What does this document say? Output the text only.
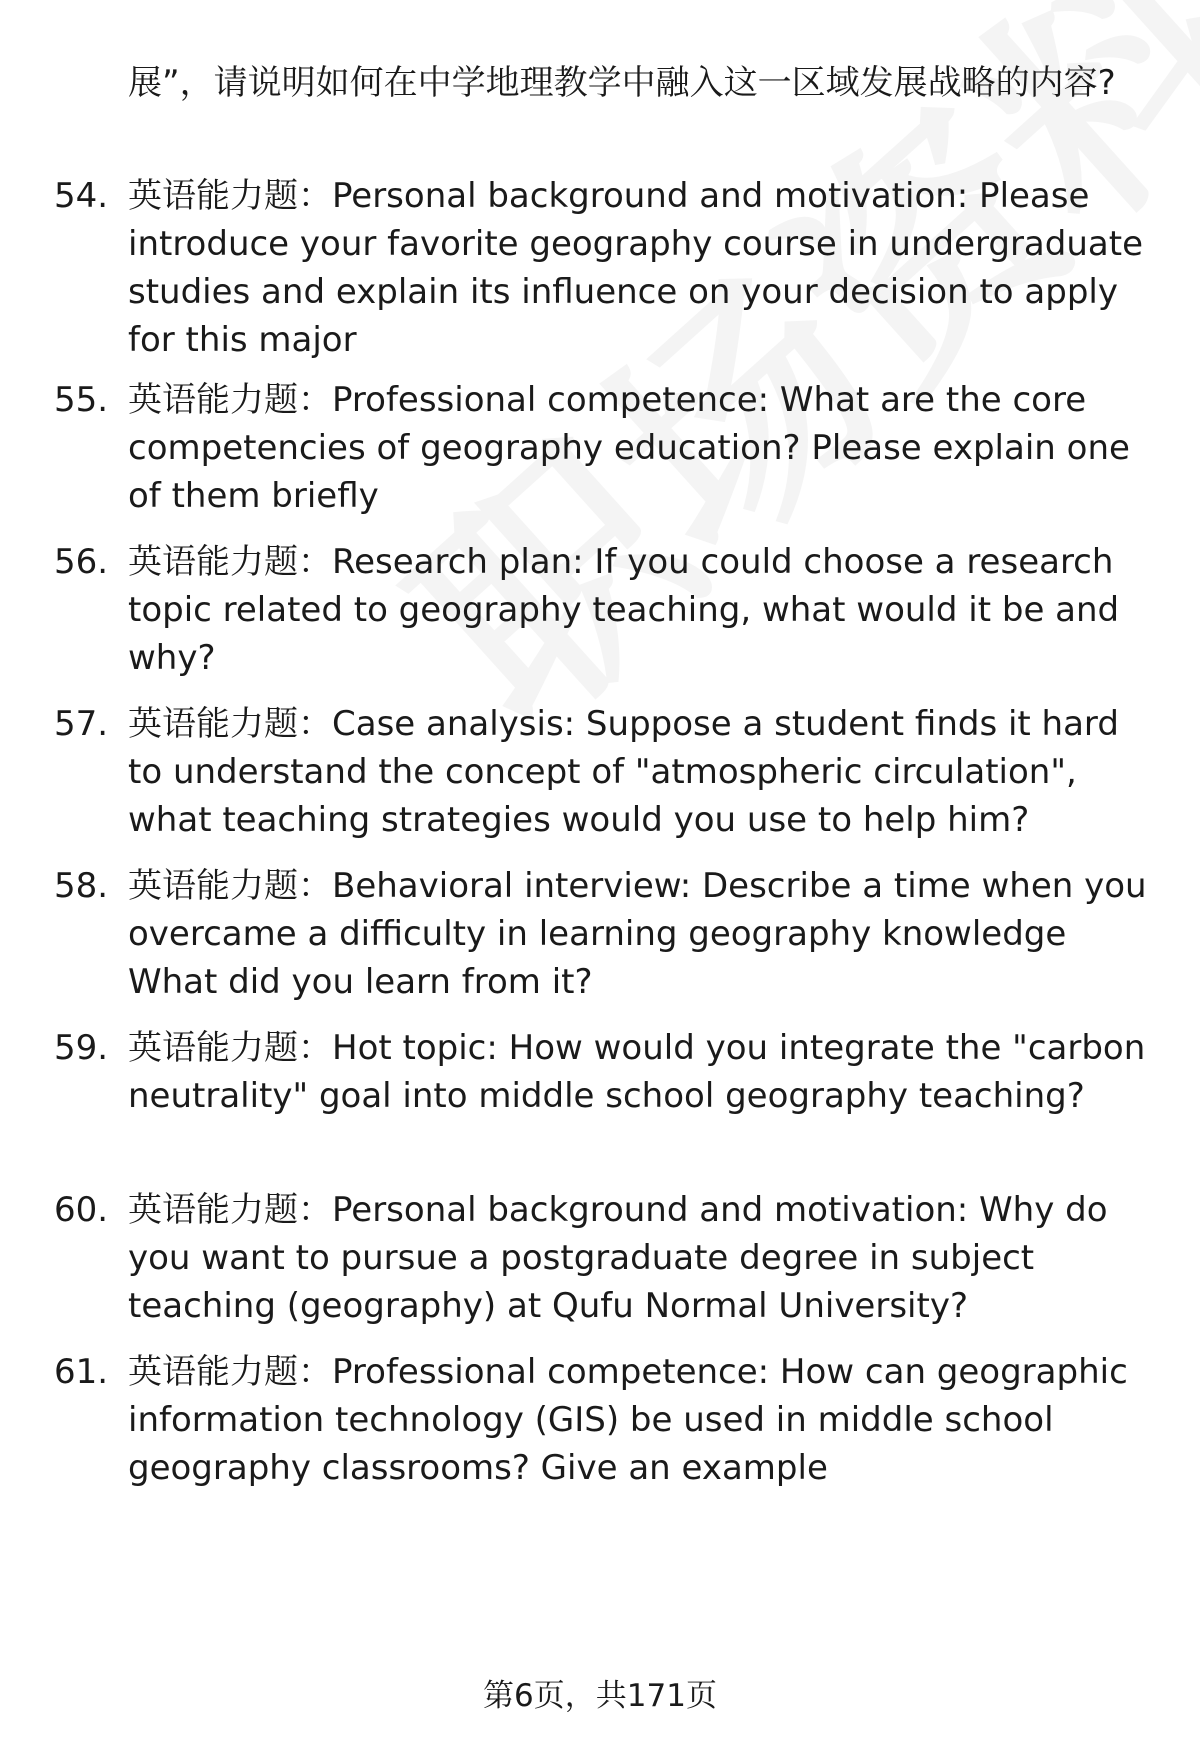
展”，请说明如何在中学地理教学中融入这一区域发展战略的内容?
54. 英语能力题：Personal background and motivation: Please introduce your favorite geography course in undergraduate studies and explain its influence on your decision to apply for this major
55. 英语能力题：Professional competence: What are the core competencies of geography education? Please explain one of them briefly
56. 英语能力题：Research plan: If you could choose a research topic related to geography teaching, what would it be and why?
57. 英语能力题：Case analysis: Suppose a student finds it hard to understand the concept of "atmospheric circulation", what teaching strategies would you use to help him?
58. 英语能力题：Behavioral interview: Describe a time when you overcame a difficulty in learning geography knowledge What did you learn from it?
59. 英语能力题：Hot topic: How would you integrate the "carbon neutrality" goal into middle school geography teaching?
60. 英语能力题：Personal background and motivation: Why do you want to pursue a postgraduate degree in subject teaching (geography) at Qufu Normal University?
61. 英语能力题：Professional competence: How can geographic information technology (GIS) be used in middle school geography classrooms? Give an example
第6页，共171页
